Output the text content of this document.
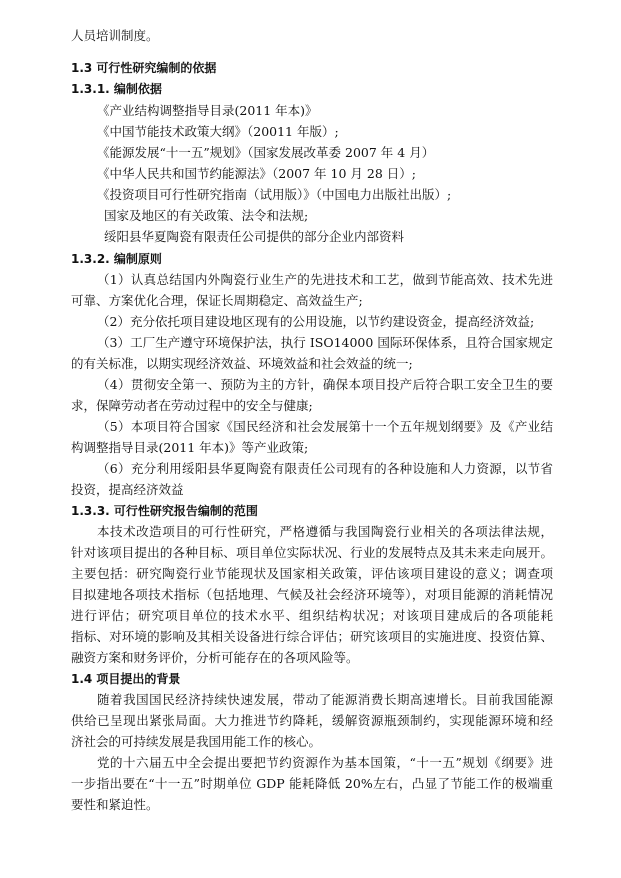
人员培训制度。
1.3 可行性研究编制的依据
1.3.1. 编制依据
《产业结构调整指导目录(2011 年本)》
《中国节能技术政策大纲》（20011 年版）;
《能源发展“十一五”规划》（国家发展改革委 2007 年 4 月）
《中华人民共和国节约能源法》（2007 年 10 月 28 日）;
《投资项目可行性研究指南（试用版）》（中国电力出版社出版）;
国家及地区的有关政策、法令和法规;
绥阳县华夏陶瓷有限责任公司提供的部分企业内部资料
1.3.2. 编制原则
（1）认真总结国内外陶瓷行业生产的先进技术和工艺，做到节能高效、技术先进
可靠、方案优化合理，保证长周期稳定、高效益生产;
（2）充分依托项目建设地区现有的公用设施，以节约建设资金，提高经济效益;
（3）工厂生产遵守环境保护法，执行 ISO14000 国际环保体系，且符合国家规定
的有关标准，以期实现经济效益、环境效益和社会效益的统一;
（4）贯彻安全第一、预防为主的方针，确保本项目投产后符合职工安全卫生的要
求，保障劳动者在劳动过程中的安全与健康;
（5）本项目符合国家《国民经济和社会发展第十一个五年规划纲要》及《产业结
构调整指导目录(2011 年本)》等产业政策;
（6）充分利用绥阳县华夏陶瓷有限责任公司现有的各种设施和人力资源，以节省
投资，提高经济效益
1.3.3. 可行性研究报告编制的范围
本技术改造项目的可行性研究，严格遵循与我国陶瓷行业相关的各项法律法规，
针对该项目提出的各种目标、项目单位实际状况、行业的发展特点及其未来走向展开。
主要包括：研究陶瓷行业节能现状及国家相关政策，评估该项目建设的意义；调查项
目拟建地各项技术指标（包括地理、气候及社会经济环境等），对项目能源的消耗情况
进行评估；研究项目单位的技术水平、组织结构状况；对该项目建成后的各项能耗
指标、对环境的影响及其相关设备进行综合评估；研究该项目的实施进度、投资估算、
融资方案和财务评价，分析可能存在的各项风险等。
1.4 项目提出的背景
随着我国国民经济持续快速发展，带动了能源消费长期高速增长。目前我国能源
供给已呈现出紧张局面。大力推进节约降耗，缓解资源瓶颈制约，实现能源环境和经
济社会的可持续发展是我国用能工作的核心。
党的十六届五中全会提出要把节约资源作为基本国策，“十一五”规划《纲要》进
一步指出要在“十一五”时期单位 GDP 能耗降低 20%左右，凸显了节能工作的极端重
要性和紧迫性。
